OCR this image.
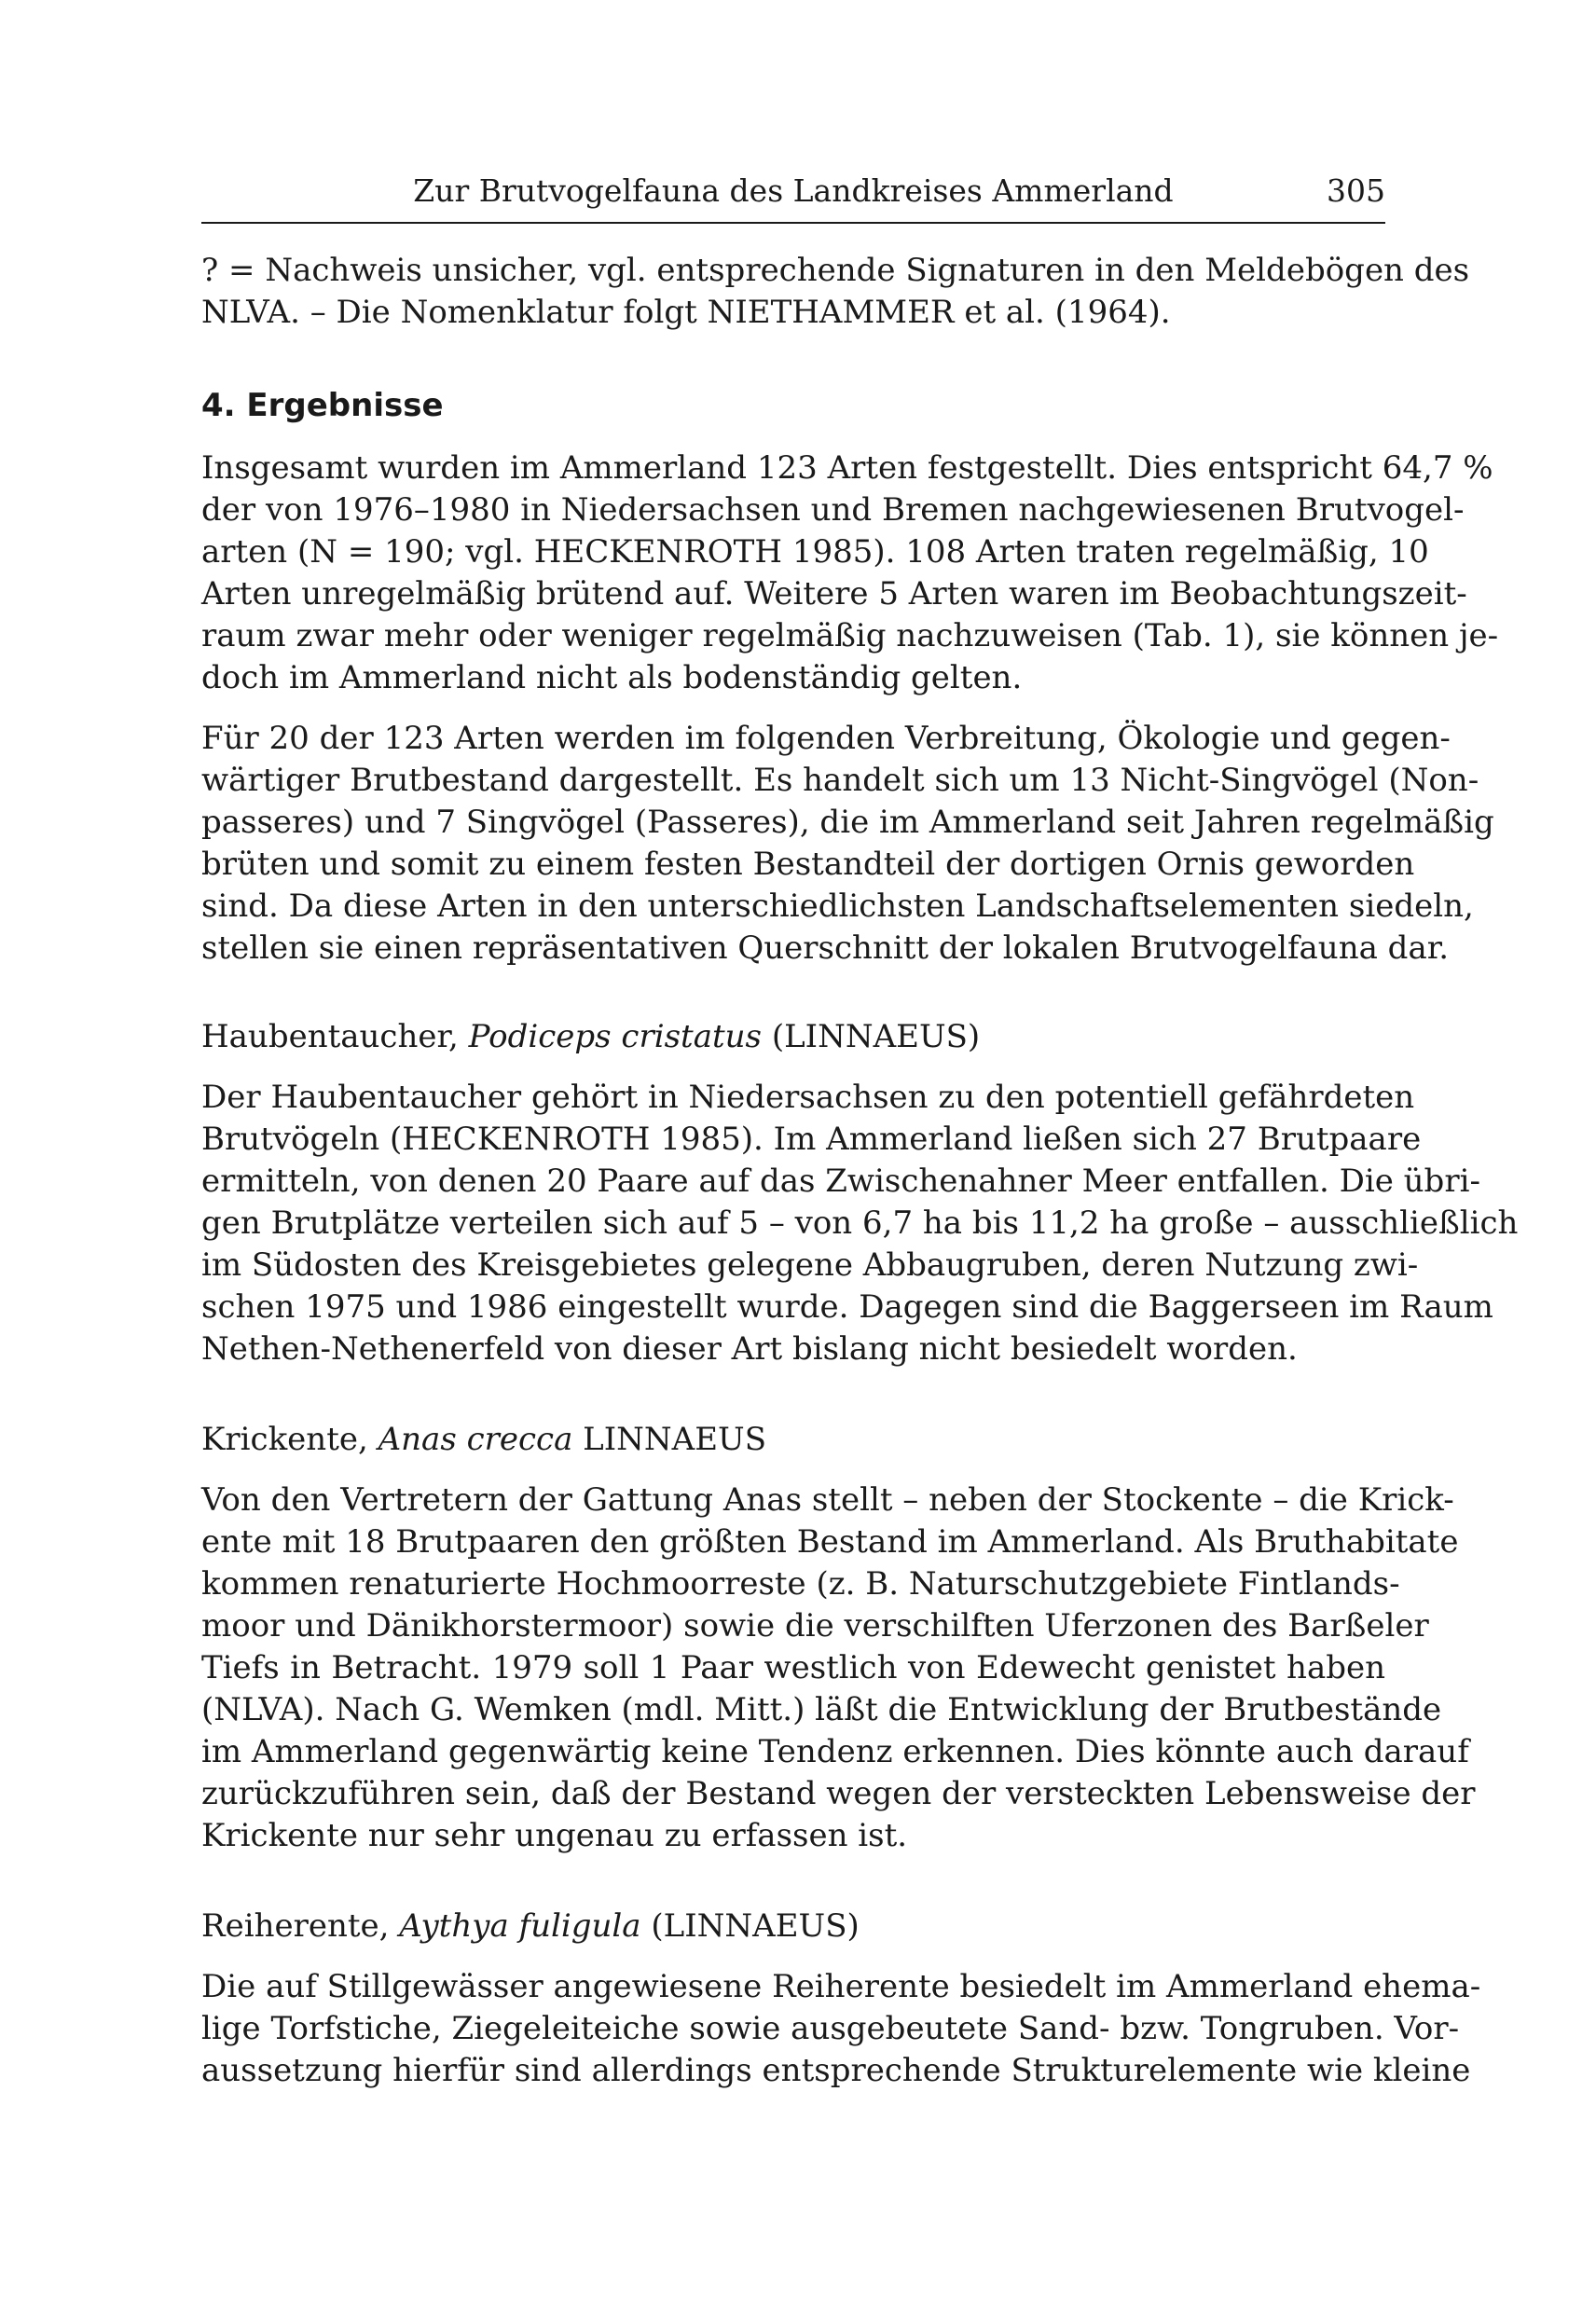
Zur Brutvogelfauna des Landkreises Ammerland	305

? = Nachweis unsicher, vgl. entsprechende Signaturen in den Meldebögen des
NLVA. – Die Nomenklatur folgt NIETHAMMER et al. (1964).

4. Ergebnisse

Insgesamt wurden im Ammerland 123 Arten festgestellt. Dies entspricht 64,7 %
der von 1976–1980 in Niedersachsen und Bremen nachgewiesenen Brutvogel-
arten (N = 190; vgl. HECKENROTH 1985). 108 Arten traten regelmäßig, 10
Arten unregelmäßig brütend auf. Weitere 5 Arten waren im Beobachtungszeit-
raum zwar mehr oder weniger regelmäßig nachzuweisen (Tab. 1), sie können je-
doch im Ammerland nicht als bodenständig gelten.

Für 20 der 123 Arten werden im folgenden Verbreitung, Ökologie und gegen-
wärtiger Brutbestand dargestellt. Es handelt sich um 13 Nicht-Singvögel (Non-
passeres) und 7 Singvögel (Passeres), die im Ammerland seit Jahren regelmäßig
brüten und somit zu einem festen Bestandteil der dortigen Ornis geworden
sind. Da diese Arten in den unterschiedlichsten Landschaftselementen siedeln,
stellen sie einen repräsentativen Querschnitt der lokalen Brutvogelfauna dar.

Haubentaucher, Podiceps cristatus (LINNAEUS)

Der Haubentaucher gehört in Niedersachsen zu den potentiell gefährdeten
Brutvögeln (HECKENROTH 1985). Im Ammerland ließen sich 27 Brutpaare
ermitteln, von denen 20 Paare auf das Zwischenahner Meer entfallen. Die übri-
gen Brutplätze verteilen sich auf 5 – von 6,7 ha bis 11,2 ha große – ausschließlich
im Südosten des Kreisgebietes gelegene Abbaugruben, deren Nutzung zwi-
schen 1975 und 1986 eingestellt wurde. Dagegen sind die Baggerseen im Raum
Nethen-Nethenerfeld von dieser Art bislang nicht besiedelt worden.

Krickente, Anas crecca LINNAEUS

Von den Vertretern der Gattung Anas stellt – neben der Stockente – die Krick-
ente mit 18 Brutpaaren den größten Bestand im Ammerland. Als Bruthabitate
kommen renaturierte Hochmoorreste (z. B. Naturschutzgebiete Fintlands-
moor und Dänikhorstermoor) sowie die verschilften Uferzonen des Barßeler
Tiefs in Betracht. 1979 soll 1 Paar westlich von Edewecht genistet haben
(NLVA). Nach G. Wemken (mdl. Mitt.) läßt die Entwicklung der Brutbestände
im Ammerland gegenwärtig keine Tendenz erkennen. Dies könnte auch darauf
zurückzuführen sein, daß der Bestand wegen der versteckten Lebensweise der
Krickente nur sehr ungenau zu erfassen ist.

Reiherente, Aythya fuligula (LINNAEUS)

Die auf Stillgewässer angewiesene Reiherente besiedelt im Ammerland ehema-
lige Torfstiche, Ziegeleiteiche sowie ausgebeutete Sand- bzw. Tongruben. Vor-
aussetzung hierfür sind allerdings entsprechende Strukturelemente wie kleine
